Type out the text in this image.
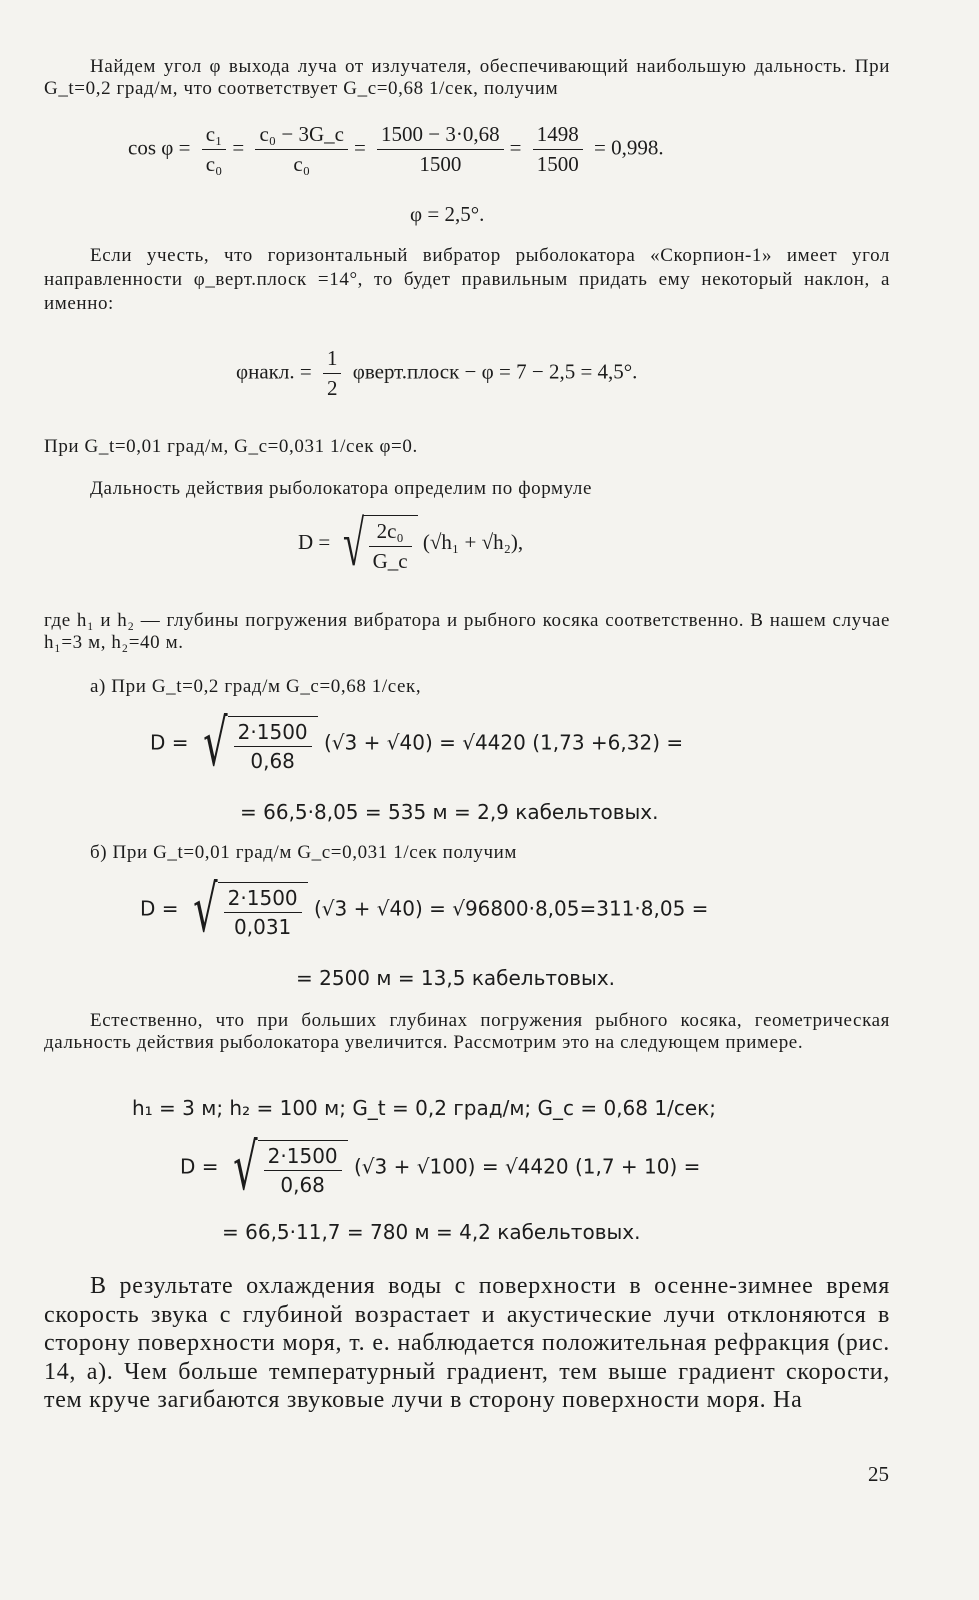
Найдем угол φ выхода луча от излучателя, обеспечивающий наибольшую дальность. При G_t=0,2 град/м, что соответствует G_c=0,68 1/сек, получим
$\cos \varphi = \frac{\text{c₁}}{\text{c₀}} = \frac{\text{c₀ − 3G\_c}}{\text{c₀}} = \frac{1500 - 3\cdot 0,68}{1500} = \frac{1498}{1500} = 0,998$.
φ = 2,5°.
Если учесть, что горизонтальный вибратор рыболокатора «Скорпион-1» имеет угол направленности φ_верт.плоск =14°, то будет правильным придать ему некоторый наклон, а именно:
φнакл. = $\frac{1}{2}$ φверт.плоск − φ = 7 − 2,5 = 4,5°.
При G_t=0,01 град/м, G_c=0,031 1/сек φ=0.
Дальность действия рыболокатора определим по формуле
D = √ $\frac{\text{2c₀}}{G\_c} (√h_1 + √h_2)$,
где h₁ и h₂ — глубины погружения вибратора и рыбного косяка соответственно. В нашем случае h₁=3 м, h₂=40 м.
а) При G_t=0,2 град/м G_c=0,68 1/сек,
D = √ $\frac{2\cdot 1500}{0,68} (√3 + √40) = √4420$ (1,73 +6,32) =
= 66,5·8,05 = 535 м = 2,9 кабельтовых.
б) При G_t=0,01 град/м G_c=0,031 1/сек получим
D = √ $\frac{2\cdot 1500}{0,031} (√3 + √40) = √96800\cdot 8,05=311\cdot 8,05$ =
= 2500 м = 13,5 кабельтовых.
Естественно, что при больших глубинах погружения рыбного косяка, геометрическая дальность действия рыболокатора увеличится. Рассмотрим это на следующем примере.
h₁ = 3 м; h₂ = 100 м; G_t = 0,2 град/м; G_c = 0,68 1/сек;
D = √ $\frac{2\cdot 1500}{0,68} (√3 + √100) = √4420$ (1,7 + 10) =
= 66,5·11,7 = 780 м = 4,2 кабельтовых.
В результате охлаждения воды с поверхности в осенне-зимнее время скорость звука с глубиной возрастает и акустические лучи отклоняются в сторону поверхности моря, т. е. наблюдается положительная рефракция (рис. 14, а). Чем больше температурный градиент, тем выше градиент скорости, тем круче загибаются звуковые лучи в сторону поверхности моря. На
25
